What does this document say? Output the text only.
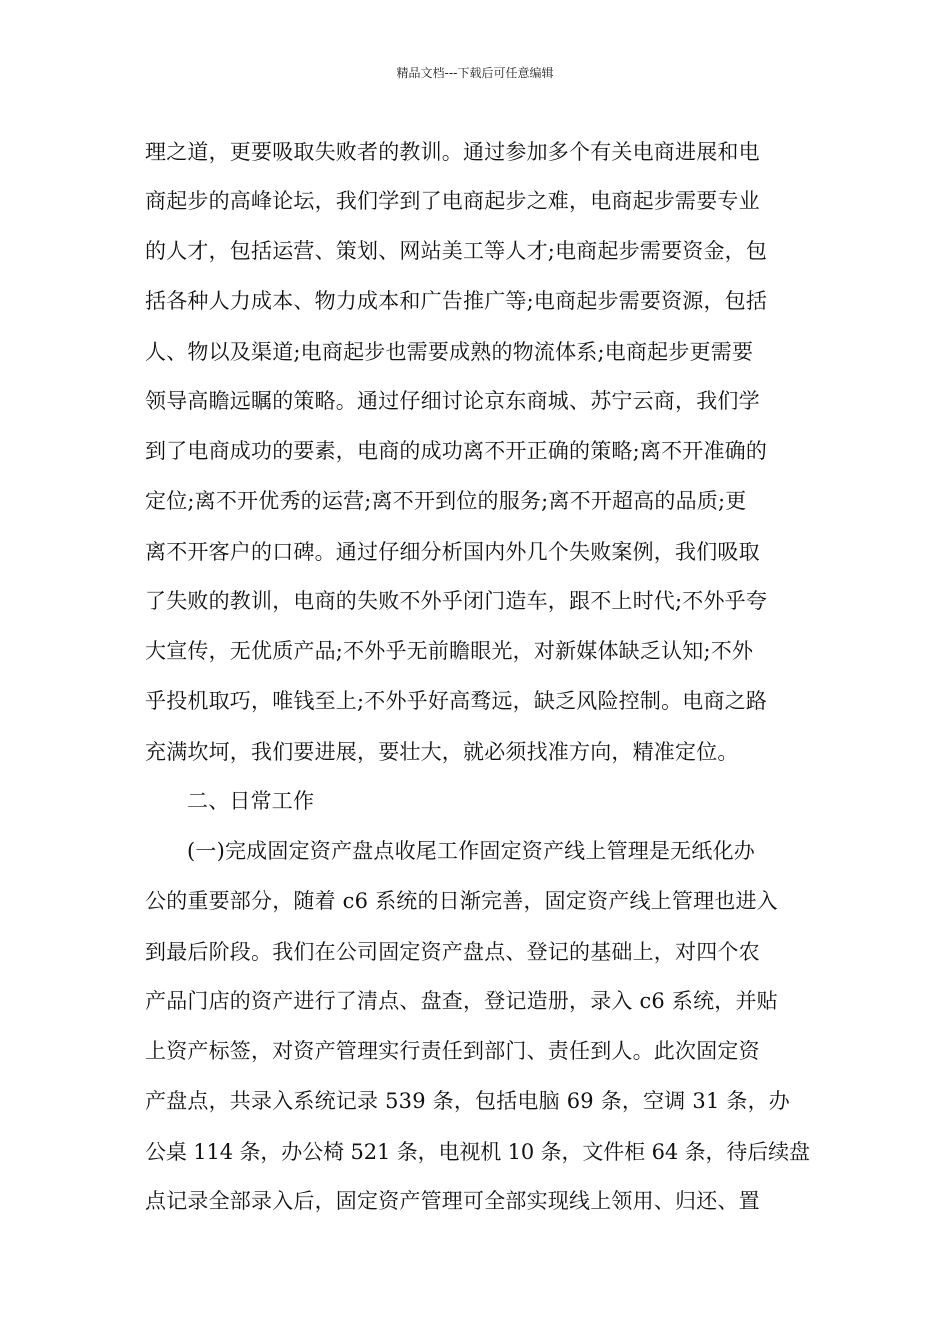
精品文档---下载后可任意编辑
理之道，更要吸取失败者的教训。通过参加多个有关电商进展和电
商起步的高峰论坛，我们学到了电商起步之难，电商起步需要专业
的人才，包括运营、策划、网站美工等人才;电商起步需要资金，包
括各种人力成本、物力成本和广告推广等;电商起步需要资源，包括
人、物以及渠道;电商起步也需要成熟的物流体系;电商起步更需要
领导高瞻远瞩的策略。通过仔细讨论京东商城、苏宁云商，我们学
到了电商成功的要素，电商的成功离不开正确的策略;离不开准确的
定位;离不开优秀的运营;离不开到位的服务;离不开超高的品质;更
离不开客户的口碑。通过仔细分析国内外几个失败案例，我们吸取
了失败的教训，电商的失败不外乎闭门造车，跟不上时代;不外乎夸
大宣传，无优质产品;不外乎无前瞻眼光，对新媒体缺乏认知;不外
乎投机取巧，唯钱至上;不外乎好高骛远，缺乏风险控制。电商之路
充满坎坷，我们要进展，要壮大，就必须找准方向，精准定位。
二、日常工作
(一)完成固定资产盘点收尾工作固定资产线上管理是无纸化办
公的重要部分，随着 c6 系统的日渐完善，固定资产线上管理也进入
到最后阶段。我们在公司固定资产盘点、登记的基础上，对四个农
产品门店的资产进行了清点、盘查，登记造册，录入 c6 系统，并贴
上资产标签，对资产管理实行责任到部门、责任到人。此次固定资
产盘点，共录入系统记录 539 条，包括电脑 69 条，空调 31 条，办
公桌 114 条，办公椅 521 条，电视机 10 条，文件柜 64 条，待后续盘
点记录全部录入后，固定资产管理可全部实现线上领用、归还、置
